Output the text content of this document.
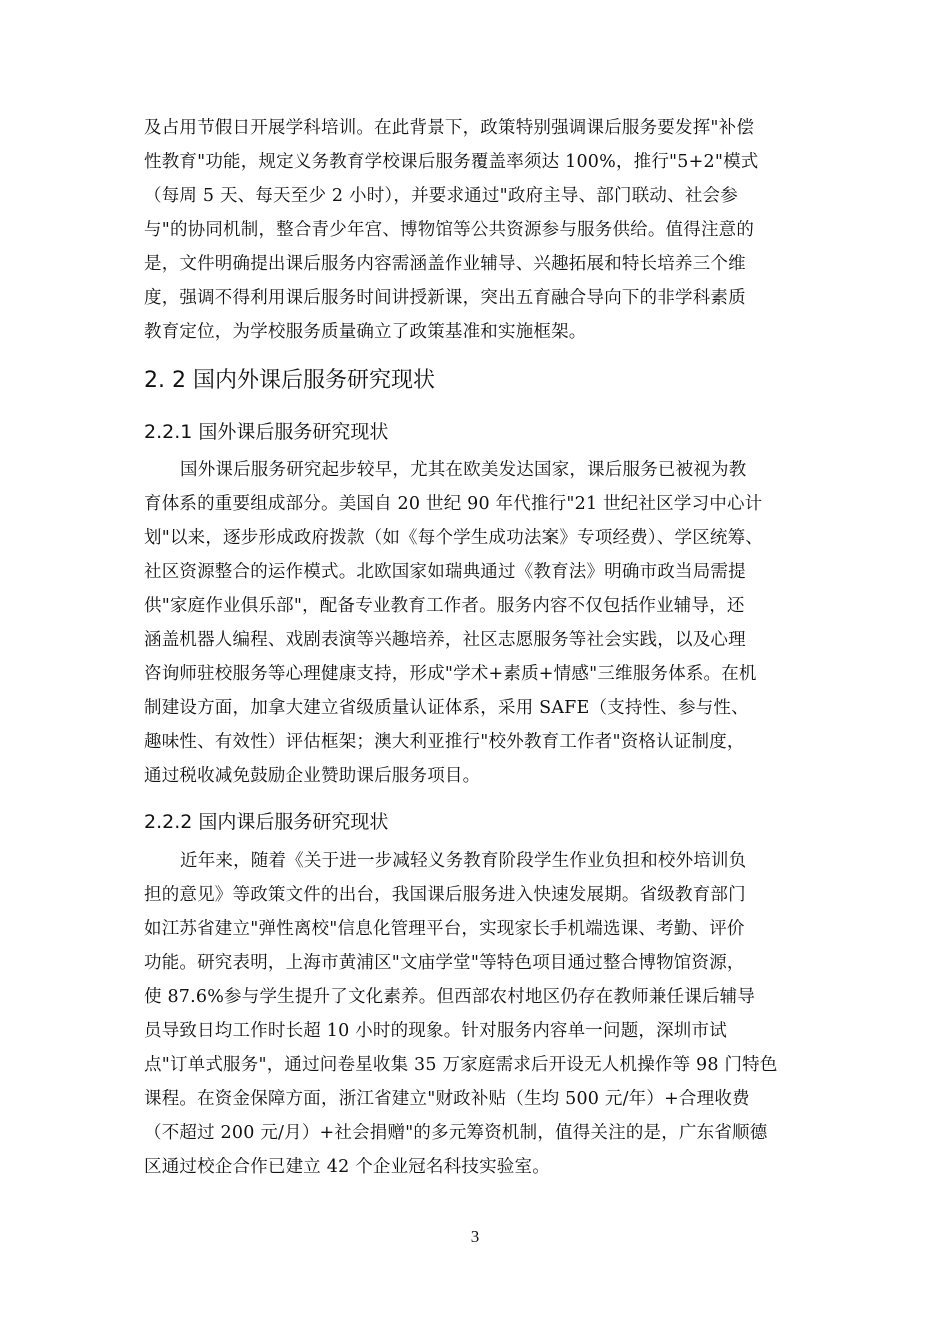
及占用节假日开展学科培训。在此背景下，政策特别强调课后服务要发挥"补偿
性教育"功能，规定义务教育学校课后服务覆盖率须达 100%，推行"5+2"模式
（每周 5 天、每天至少 2 小时），并要求通过"政府主导、部门联动、社会参
与"的协同机制，整合青少年宫、博物馆等公共资源参与服务供给。值得注意的
是，文件明确提出课后服务内容需涵盖作业辅导、兴趣拓展和特长培养三个维
度，强调不得利用课后服务时间讲授新课，突出五育融合导向下的非学科素质
教育定位，为学校服务质量确立了政策基准和实施框架。
2. 2 国内外课后服务研究现状
2.2.1 国外课后服务研究现状
国外课后服务研究起步较早，尤其在欧美发达国家，课后服务已被视为教
育体系的重要组成部分。美国自 20 世纪 90 年代推行"21 世纪社区学习中心计
划"以来，逐步形成政府拨款（如《每个学生成功法案》专项经费）、学区统筹、
社区资源整合的运作模式。北欧国家如瑞典通过《教育法》明确市政当局需提
供"家庭作业俱乐部"，配备专业教育工作者。服务内容不仅包括作业辅导，还
涵盖机器人编程、戏剧表演等兴趣培养，社区志愿服务等社会实践，以及心理
咨询师驻校服务等心理健康支持，形成"学术+素质+情感"三维服务体系。在机
制建设方面，加拿大建立省级质量认证体系，采用 SAFE（支持性、参与性、
趣味性、有效性）评估框架；澳大利亚推行"校外教育工作者"资格认证制度，
通过税收减免鼓励企业赞助课后服务项目。
2.2.2 国内课后服务研究现状
近年来，随着《关于进一步减轻义务教育阶段学生作业负担和校外培训负
担的意见》等政策文件的出台，我国课后服务进入快速发展期。省级教育部门
如江苏省建立"弹性离校"信息化管理平台，实现家长手机端选课、考勤、评价
功能。研究表明，上海市黄浦区"文庙学堂"等特色项目通过整合博物馆资源，
使 87.6%参与学生提升了文化素养。但西部农村地区仍存在教师兼任课后辅导
员导致日均工作时长超 10 小时的现象。针对服务内容单一问题，深圳市试
点"订单式服务"，通过问卷星收集 35 万家庭需求后开设无人机操作等 98 门特色
课程。在资金保障方面，浙江省建立"财政补贴（生均 500 元/年）+合理收费
（不超过 200 元/月）+社会捐赠"的多元筹资机制，值得关注的是，广东省顺德
区通过校企合作已建立 42 个企业冠名科技实验室。
3
